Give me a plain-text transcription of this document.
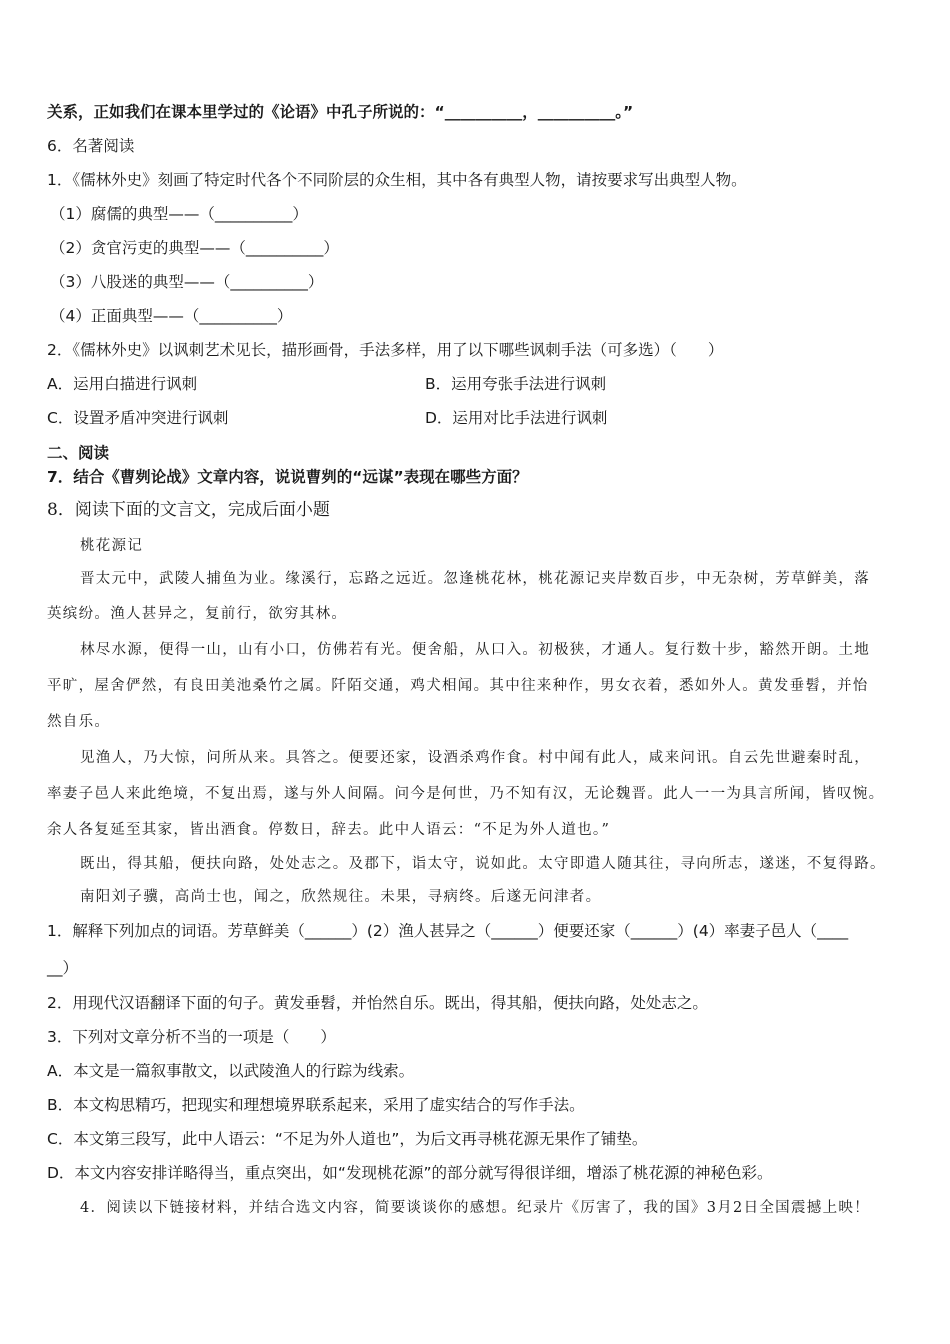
关系，正如我们在课本里学过的《论语》中孔子所说的：“__________，__________。”
6．名著阅读
1．《儒林外史》刻画了特定时代各个不同阶层的众生相，其中各有典型人物，请按要求写出典型人物。
（1）腐儒的典型——（__________）
（2）贪官污吏的典型——（__________）
（3）八股迷的典型——（__________）
（4）正面典型——（__________）
2．《儒林外史》以讽刺艺术见长，描形画骨，手法多样，用了以下哪些讽刺手法（可多选）（　　）
A．运用白描进行讽刺	B．运用夸张手法进行讽刺
C．设置矛盾冲突进行讽刺	D．运用对比手法进行讽刺
二、阅读
7．结合《曹刿论战》文章内容，说说曹刿的“远谋”表现在哪些方面？
8．阅读下面的文言文，完成后面小题
桃花源记
晋太元中，武陵人捕鱼为业。缘溪行，忘路之远近。忽逢桃花林，桃花源记夹岸数百步，中无杂树，芳草鲜美，落
英缤纷。渔人甚异之，复前行，欲穷其林。
林尽水源，便得一山，山有小口，仿佛若有光。便舍船，从口入。初极狭，才通人。复行数十步，豁然开朗。土地
平旷，屋舍俨然，有良田美池桑竹之属。阡陌交通，鸡犬相闻。其中往来种作，男女衣着，悉如外人。黄发垂髫，并怡
然自乐。
见渔人，乃大惊，问所从来。具答之。便要还家，设酒杀鸡作食。村中闻有此人，咸来问讯。自云先世避秦时乱，
率妻子邑人来此绝境，不复出焉，遂与外人间隔。问今是何世，乃不知有汉，无论魏晋。此人一一为具言所闻，皆叹惋。
余人各复延至其家，皆出酒食。停数日，辞去。此中人语云：“不足为外人道也。”
既出，得其船，便扶向路，处处志之。及郡下，诣太守，说如此。太守即遣人随其往，寻向所志，遂迷，不复得路。
南阳刘子骥，高尚士也，闻之，欣然规往。未果，寻病终。后遂无问津者。
1．解释下列加点的词语。芳草鲜美（______）(2）渔人甚异之（______）便要还家（______）(4）率妻子邑人（____
__）
2．用现代汉语翻译下面的句子。黄发垂髫，并怡然自乐。既出，得其船，便扶向路，处处志之。
3．下列对文章分析不当的一项是（　　）
A．本文是一篇叙事散文，以武陵渔人的行踪为线索。
B．本文构思精巧，把现实和理想境界联系起来，采用了虚实结合的写作手法。
C．本文第三段写，此中人语云：“不足为外人道也”，为后文再寻桃花源无果作了铺垫。
D．本文内容安排详略得当，重点突出，如“发现桃花源”的部分就写得很详细，增添了桃花源的神秘色彩。
4．阅读以下链接材料，并结合选文内容，简要谈谈你的感想。纪录片《厉害了，我的国》3月2日全国震撼上映！
